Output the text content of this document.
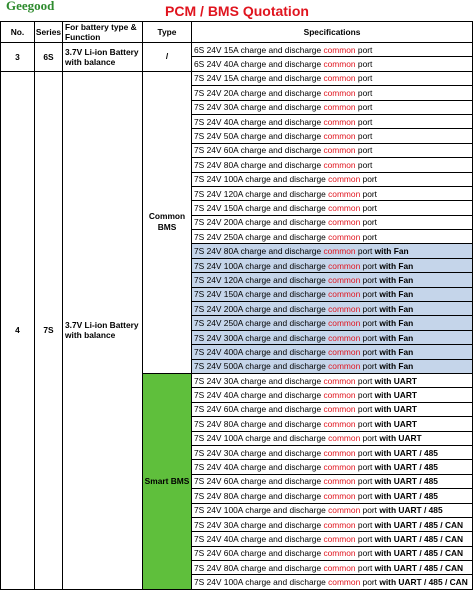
Geegood	PCM / BMS Quotation
No.	Series	For battery type & Function	Type	Specifications
3	6S	3.7V Li-ion Battery with balance	/	6S 24V 15A charge and discharge common port
				6S 24V 40A charge and discharge common port
4	7S	3.7V Li-ion Battery with balance	Common BMS	7S 24V 15A charge and discharge common port
				7S 24V 20A charge and discharge common port
				7S 24V 30A charge and discharge common port
				7S 24V 40A charge and discharge common port
				7S 24V 50A charge and discharge common port
				7S 24V 60A charge and discharge common port
				7S 24V 80A charge and discharge common port
				7S 24V 100A charge and discharge common port
				7S 24V 120A charge and discharge common port
				7S 24V 150A charge and discharge common port
				7S 24V 200A charge and discharge common port
				7S 24V 250A charge and discharge common port
				7S 24V 80A charge and discharge common port with Fan
				7S 24V 100A charge and discharge common port with Fan
				7S 24V 120A charge and discharge common port with Fan
				7S 24V 150A charge and discharge common port with Fan
				7S 24V 200A charge and discharge common port with Fan
				7S 24V 250A charge and discharge common port with Fan
				7S 24V 300A charge and discharge common port with Fan
				7S 24V 400A charge and discharge common port with Fan
				7S 24V 500A charge and discharge common port with Fan
			Smart BMS	7S 24V 30A charge and discharge common port with UART
				7S 24V 40A charge and discharge common port with UART
				7S 24V 60A charge and discharge common port with UART
				7S 24V 80A charge and discharge common port with UART
				7S 24V 100A charge and discharge common port with UART
				7S 24V 30A charge and discharge common port with UART / 485
				7S 24V 40A charge and discharge common port with UART / 485
				7S 24V 60A charge and discharge common port with UART / 485
				7S 24V 80A charge and discharge common port with UART / 485
				7S 24V 100A charge and discharge common port with UART / 485
				7S 24V 30A charge and discharge common port with UART / 485 / CAN
				7S 24V 40A charge and discharge common port with UART / 485 / CAN
				7S 24V 60A charge and discharge common port with UART / 485 / CAN
				7S 24V 80A charge and discharge common port with UART / 485 / CAN
				7S 24V 100A charge and discharge common port with UART / 485 / CAN
